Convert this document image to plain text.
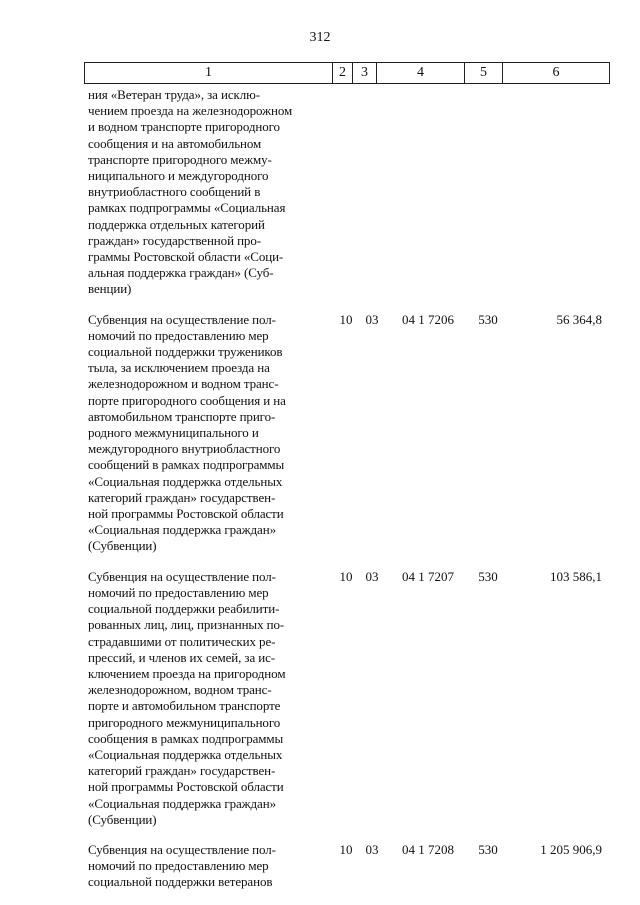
312
1	2	3	4	5	6
ния «Ветеран труда», за исклю-
чением проезда на железнодорожном
и водном транспорте пригородного
сообщения и на автомобильном
транспорте пригородного межму-
ниципального и междугородного
внутриобластного сообщений в
рамках подпрограммы «Социальная
поддержка отдельных категорий
граждан» государственной про-
граммы Ростовской области «Соци-
альная поддержка граждан» (Суб-
венции)
Субвенция на осуществление пол-
номочий по предоставлению мер
социальной поддержки тружеников
тыла, за исключением проезда на
железнодорожном и водном транс-
порте пригородного сообщения и на
автомобильном транспорте приго-
родного межмуниципального и
междугородного внутриобластного
сообщений в рамках подпрограммы
«Социальная поддержка отдельных
категорий граждан» государствен-
ной программы Ростовской области
«Социальная поддержка граждан»
(Субвенции)
10	03	04 1 7206	530	56 364,8
Субвенция на осуществление пол-
номочий по предоставлению мер
социальной поддержки реабилити-
рованных лиц, лиц, признанных по-
страдавшими от политических ре-
прессий, и членов их семей, за ис-
ключением проезда на пригородном
железнодорожном, водном транс-
порте и автомобильном транспорте
пригородного межмуниципального
сообщения в рамках подпрограммы
«Социальная поддержка отдельных
категорий граждан» государствен-
ной программы Ростовской области
«Социальная поддержка граждан»
(Субвенции)
10	03	04 1 7207	530	103 586,1
Субвенция на осуществление пол-
номочий по предоставлению мер
социальной поддержки ветеранов
10	03	04 1 7208	530	1 205 906,9
